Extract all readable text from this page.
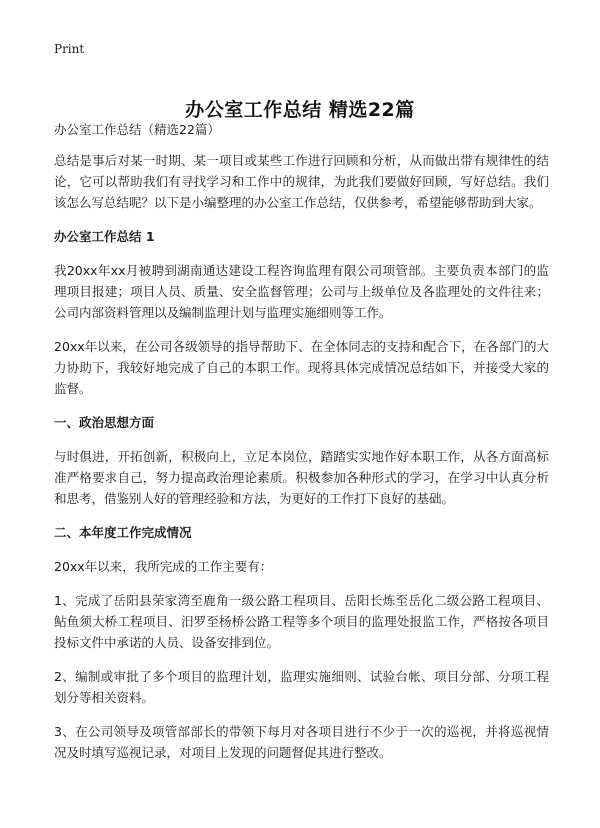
Print
办公室工作总结 精选22篇
办公室工作总结（精选22篇）

总结是事后对某一时期、某一项目或某些工作进行回顾和分析，从而做出带有规律性的结论，它可以帮助我们有寻找学习和工作中的规律，为此我们要做好回顾，写好总结。我们该怎么写总结呢？以下是小编整理的办公室工作总结，仅供参考，希望能够帮助到大家。

办公室工作总结 1

我20xx年xx月被聘到湖南通达建设工程咨询监理有限公司项管部。主要负责本部门的监理项目报建；项目人员、质量、安全监督管理；公司与上级单位及各监理处的文件往来；公司内部资料管理以及编制监理计划与监理实施细则等工作。

20xx年以来，在公司各级领导的指导帮助下、在全体同志的支持和配合下，在各部门的大力协助下，我较好地完成了自己的本职工作。现将具体完成情况总结如下，并接受大家的监督。

一、政治思想方面

与时俱进，开拓创新，积极向上，立足本岗位，踏踏实实地作好本职工作，从各方面高标准严格要求自己，努力提高政治理论素质。积极参加各种形式的学习，在学习中认真分析和思考，借鉴别人好的管理经验和方法，为更好的工作打下良好的基础。

二、本年度工作完成情况

20xx年以来，我所完成的工作主要有：

1、完成了岳阳县荣家湾至鹿角一级公路工程项目、岳阳长炼至岳化二级公路工程项目、鲇鱼须大桥工程项目、汨罗至杨桥公路工程等多个项目的监理处报监工作，严格按各项目投标文件中承诺的人员、设备安排到位。

2、编制或审批了多个项目的监理计划，监理实施细则、试验台帐、项目分部、分项工程划分等相关资料。

3、在公司领导及项管部部长的带领下每月对各项目进行不少于一次的巡视，并将巡视情况及时填写巡视记录，对项目上发现的问题督促其进行整改。
